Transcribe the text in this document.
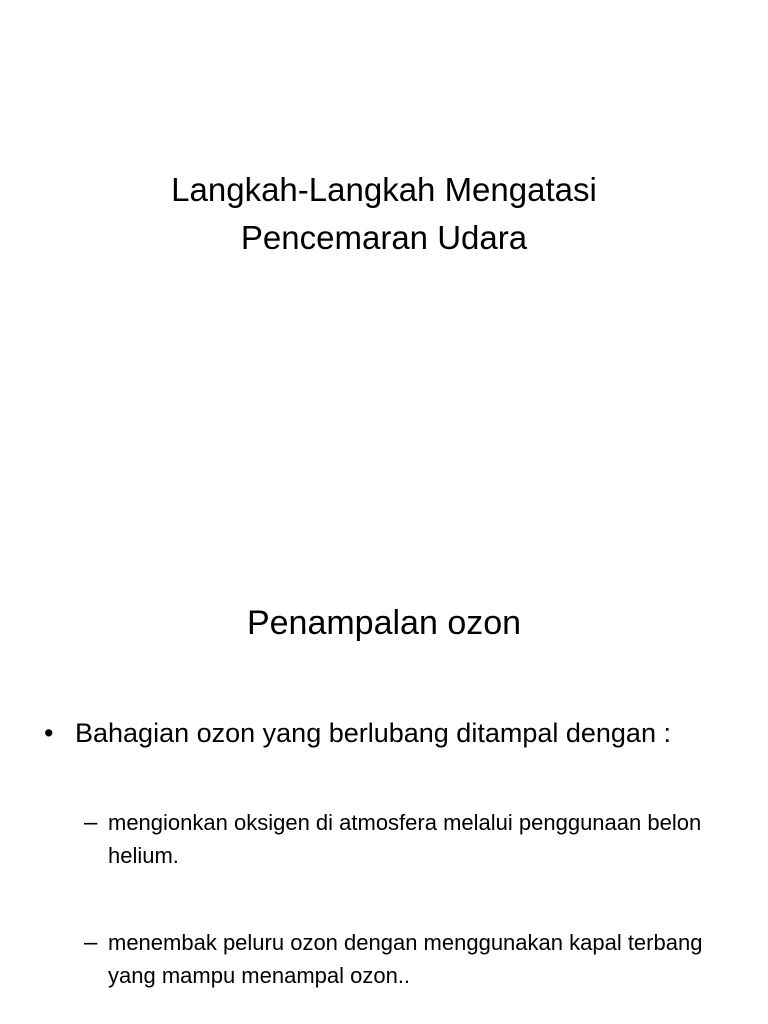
Langkah-Langkah Mengatasi
Pencemaran Udara
Penampalan ozon
• Bahagian ozon yang berlubang ditampal dengan :
– mengionkan oksigen di atmosfera melalui penggunaan belon helium.
– menembak peluru ozon dengan menggunakan kapal terbang yang mampu menampal ozon..
